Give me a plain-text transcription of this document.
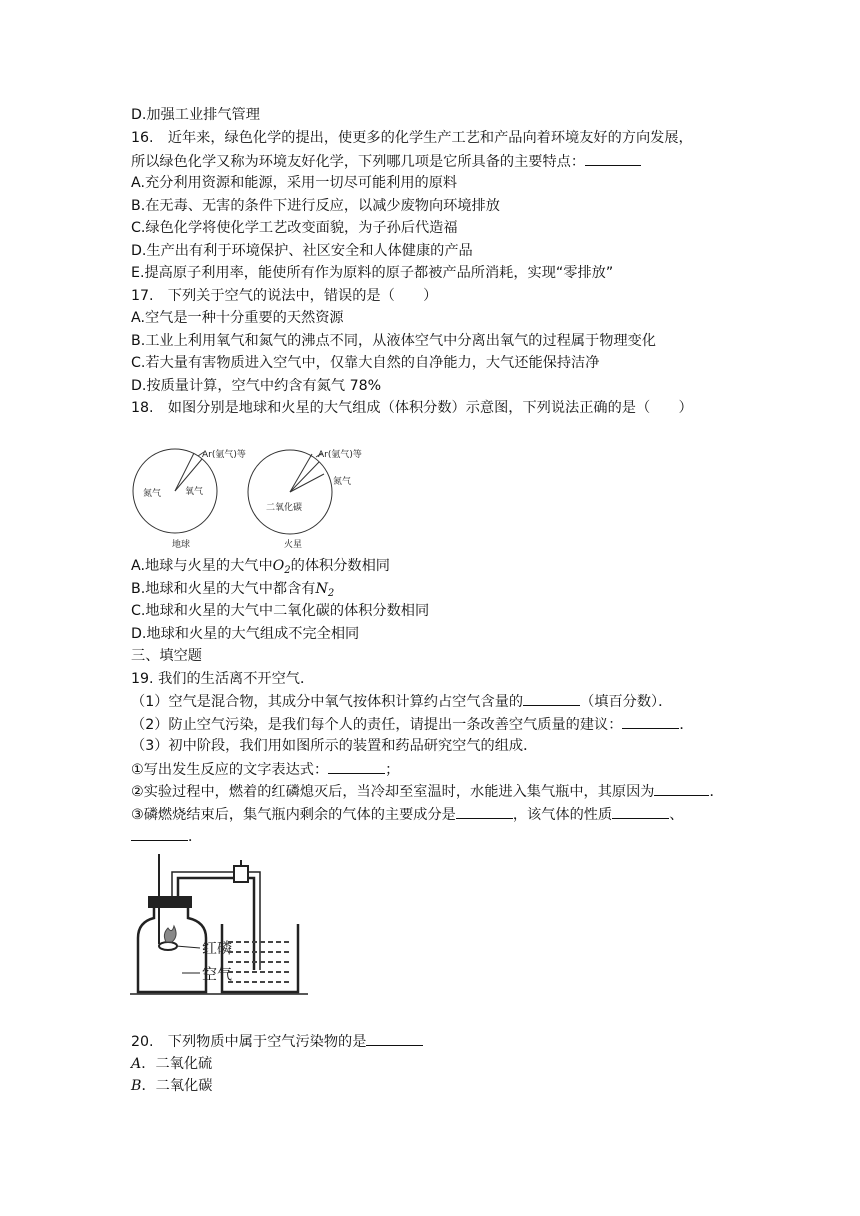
D.加强工业排气管理
16.　近年来，绿色化学的提出，使更多的化学生产工艺和产品向着环境友好的方向发展，
所以绿色化学又称为环境友好化学，下列哪几项是它所具备的主要特点：
A.充分利用资源和能源，采用一切尽可能利用的原料
B.在无毒、无害的条件下进行反应，以减少废物向环境排放
C.绿色化学将使化学工艺改变面貌，为子孙后代造福
D.生产出有利于环境保护、社区安全和人体健康的产品
E.提高原子利用率，能使所有作为原料的原子都被产品所消耗，实现“零排放”
17.　下列关于空气的说法中，错误的是（　　）
A.空气是一种十分重要的天然资源
B.工业上利用氧气和氮气的沸点不同，从液体空气中分离出氧气的过程属于物理变化
C.若大量有害物质进入空气中，仅靠大自然的自净能力，大气还能保持洁净
D.按质量计算，空气中约含有氮气 78%
18.　如图分别是地球和火星的大气组成（体积分数）示意图，下列说法正确的是（　　）
Ar(氩气)等
氮气	氧气
地球
Ar(氩气)等
氮气
二氧化碳
火星
A.地球与火星的大气中$O_2$的体积分数相同
B.地球和火星的大气中都含有$N_2$
C.地球和火星的大气中二氧化碳的体积分数相同
D.地球和火星的大气组成不完全相同
三、填空题
19. 我们的生活离不开空气．
（1）空气是混合物，其成分中氧气按体积计算约占空气含量的	（填百分数）．
（2）防止空气污染，是我们每个人的责任，请提出一条改善空气质量的建议：	．
（3）初中阶段，我们用如图所示的装置和药品研究空气的组成．
①写出发生反应的文字表达式：	；
②实验过程中，燃着的红磷熄灭后，当冷却至室温时，水能进入集气瓶中，其原因为	．
③磷燃烧结束后，集气瓶内剩余的气体的主要成分是	，该气体的性质	、
．
红磷
空气
20.　下列物质中属于空气污染物的是
A．二氧化硫
B．二氧化碳
